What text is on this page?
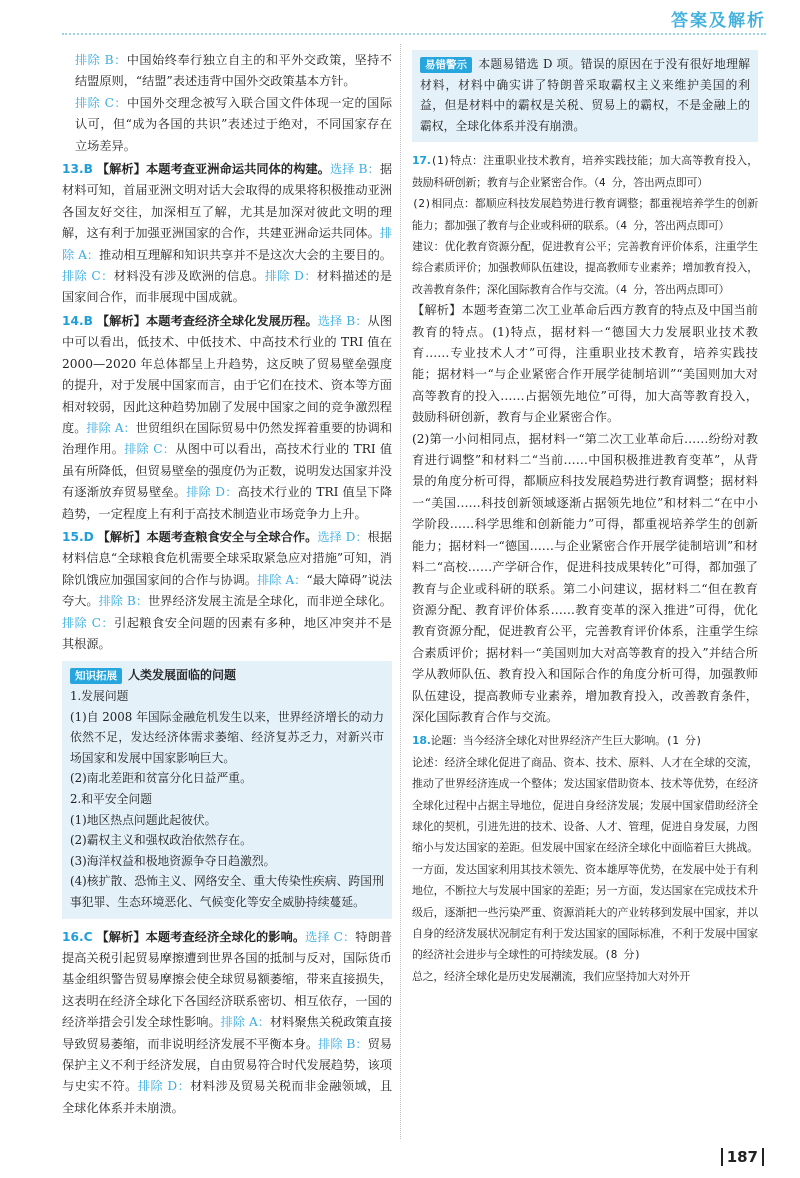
答案及解析

排除 B：中国始终奉行独立自主的和平外交政策，坚持不结盟原则，“结盟”表述违背中国外交政策基本方针。

排除 C：中国外交理念被写入联合国文件体现一定的国际认可，但“成为各国的共识”表述过于绝对，不同国家存在立场差异。

13.B 【解析】本题考查亚洲命运共同体的构建。选择 B：据材料可知，首届亚洲文明对话大会取得的成果将积极推动亚洲各国友好交往，加深相互了解，尤其是加深对彼此文明的理解，这有利于加强亚洲国家的合作，共建亚洲命运共同体。排除 A：推动相互理解和知识共享并不是这次大会的主要目的。排除 C：材料没有涉及欧洲的信息。排除 D：材料描述的是国家间合作，而非展现中国成就。

14.B 【解析】本题考查经济全球化发展历程。选择 B：从图中可以看出，低技术、中低技术、中高技术行业的 TRI 值在 2000—2020 年总体都呈上升趋势，这反映了贸易壁垒强度的提升，对于发展中国家而言，由于它们在技术、资本等方面相对较弱，因此这种趋势加剧了发展中国家之间的竞争激烈程度。排除 A：世贸组织在国际贸易中仍然发挥着重要的协调和治理作用。排除 C：从图中可以看出，高技术行业的 TRI 值虽有所降低，但贸易壁垒的强度仍为正数，说明发达国家并没有逐渐放弃贸易壁垒。排除 D：高技术行业的 TRI 值呈下降趋势，一定程度上有利于高技术制造业市场竞争力上升。

15.D 【解析】本题考查粮食安全与全球合作。选择 D：根据材料信息“全球粮食危机需要全球采取紧急应对措施”可知，消除饥饿应加强国家间的合作与协调。排除 A：“最大障碍”说法夸大。排除 B：世界经济发展主流是全球化，而非逆全球化。排除 C：引起粮食安全问题的因素有多种，地区冲突并不是其根源。

知识拓展 人类发展面临的问题

1.发展问题

(1)自 2008 年国际金融危机发生以来，世界经济增长的动力依然不足，发达经济体需求萎缩、经济复苏乏力，对新兴市场国家和发展中国家影响巨大。

(2)南北差距和贫富分化日益严重。

2.和平安全问题

(1)地区热点问题此起彼伏。

(2)霸权主义和强权政治依然存在。

(3)海洋权益和极地资源争夺日趋激烈。

(4)核扩散、恐怖主义、网络安全、重大传染性疾病、跨国刑事犯罪、生态环境恶化、气候变化等安全威胁持续蔓延。

16.C 【解析】本题考查经济全球化的影响。选择 C：特朗普提高关税引起贸易摩擦遭到世界各国的抵制与反对，国际货币基金组织警告贸易摩擦会使全球贸易额萎缩，带来直接损失，这表明在经济全球化下各国经济联系密切、相互依存，一国的经济举措会引发全球性影响。排除 A：材料聚焦关税政策直接导致贸易萎缩，而非说明经济发展不平衡本身。排除 B：贸易保护主义不利于经济发展，自由贸易符合时代发展趋势，该项与史实不符。排除 D：材料涉及贸易关税而非金融领域，且全球化体系并未崩溃。

易错警示 本题易错选 D 项。错误的原因在于没有很好地理解材料，材料中确实讲了特朗普采取霸权主义来维护美国的利益，但是材料中的霸权是关税、贸易上的霸权，不是金融上的霸权，全球化体系并没有崩溃。

17.(1)特点：注重职业技术教育，培养实践技能；加大高等教育投入，鼓励科研创新；教育与企业紧密合作。（4 分，答出两点即可）

(2)相同点：都顺应科技发展趋势进行教育调整；都重视培养学生的创新能力；都加强了教育与企业或科研的联系。（4 分，答出两点即可）

建议：优化教育资源分配，促进教育公平；完善教育评价体系，注重学生综合素质评价；加强教师队伍建设，提高教师专业素养；增加教育投入，改善教育条件；深化国际教育合作与交流。（4 分，答出两点即可）

【解析】本题考查第二次工业革命后西方教育的特点及中国当前教育的特点。(1)特点，据材料一“德国大力发展职业技术教育……专业技术人才”可得，注重职业技术教育，培养实践技能；据材料一“与企业紧密合作开展学徒制培训”“美国则加大对高等教育的投入……占据领先地位”可得，加大高等教育投入，鼓励科研创新，教育与企业紧密合作。

(2)第一小问相同点，据材料一“第二次工业革命后……纷纷对教育进行调整”和材料二“当前……中国积极推进教育变革”，从背景的角度分析可得，都顺应科技发展趋势进行教育调整；据材料一“美国……科技创新领域逐渐占据领先地位”和材料二“在中小学阶段……科学思维和创新能力”可得，都重视培养学生的创新能力；据材料一“德国……与企业紧密合作开展学徒制培训”和材料二“高校……产学研合作，促进科技成果转化”可得，都加强了教育与企业或科研的联系。第二小问建议，据材料二“但在教育资源分配、教育评价体系……教育变革的深入推进”可得，优化教育资源分配，促进教育公平，完善教育评价体系，注重学生综合素质评价；据材料一“美国则加大对高等教育的投入”并结合所学从教师队伍、教育投入和国际合作的角度分析可得，加强教师队伍建设，提高教师专业素养，增加教育投入，改善教育条件，深化国际教育合作与交流。

18.论题：当今经济全球化对世界经济产生巨大影响。(1 分)

论述：经济全球化促进了商品、资本、技术、原料、人才在全球的交流，推动了世界经济连成一个整体；发达国家借助资本、技术等优势，在经济全球化过程中占据主导地位，促进自身经济发展；发展中国家借助经济全球化的契机，引进先进的技术、设备、人才、管理，促进自身发展，力图缩小与发达国家的差距。但发展中国家在经济全球化中面临着巨大挑战。一方面，发达国家利用其技术领先、资本雄厚等优势，在发展中处于有利地位，不断拉大与发展中国家的差距；另一方面，发达国家在完成技术升级后，逐渐把一些污染严重、资源消耗大的产业转移到发展中国家，并以自身的经济发展状况制定有利于发达国家的国际标准，不利于发展中国家的经济社会进步与全球性的可持续发展。(8 分)

总之，经济全球化是历史发展潮流，我们应坚持加大对外开

187
